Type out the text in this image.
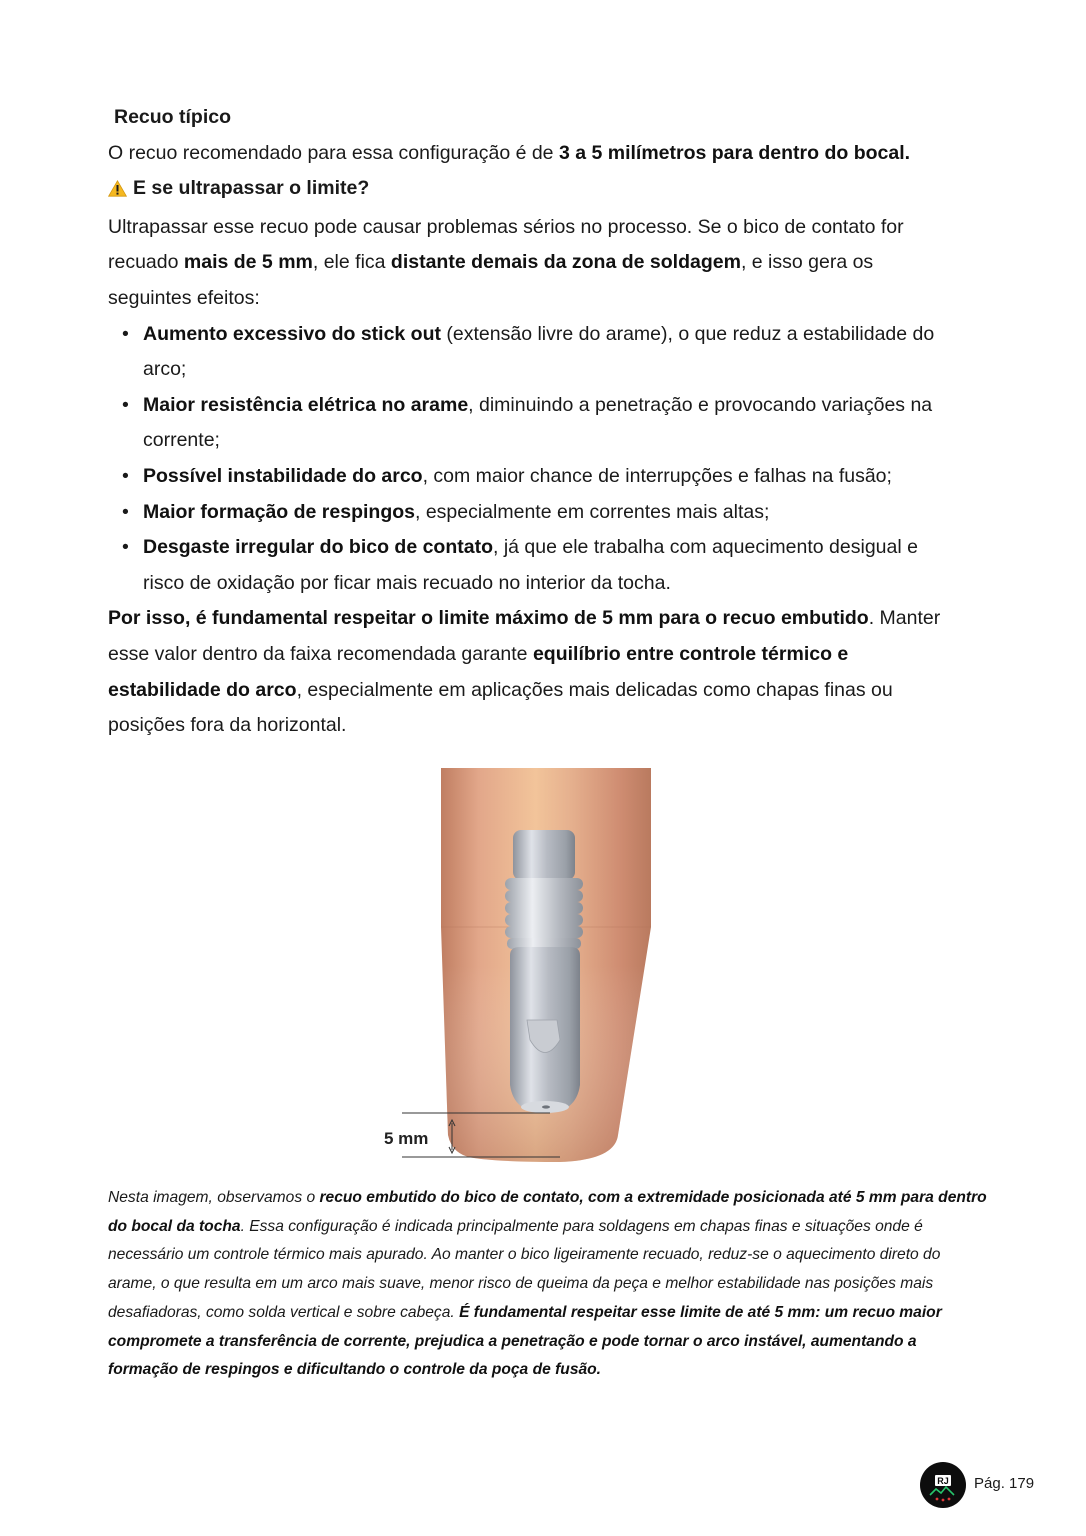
Recuo típico

O recuo recomendado para essa configuração é de 3 a 5 milímetros para dentro do bocal.

E se ultrapassar o limite?

Ultrapassar esse recuo pode causar problemas sérios no processo. Se o bico de contato for

recuado mais de 5 mm, ele fica distante demais da zona de soldagem, e isso gera os

seguintes efeitos:

• Aumento excessivo do stick out (extensão livre do arame), o que reduz a estabilidade do
arco;
• Maior resistência elétrica no arame, diminuindo a penetração e provocando variações na
corrente;
• Possível instabilidade do arco, com maior chance de interrupções e falhas na fusão;
• Maior formação de respingos, especialmente em correntes mais altas;
• Desgaste irregular do bico de contato, já que ele trabalha com aquecimento desigual e
risco de oxidação por ficar mais recuado no interior da tocha.

Por isso, é fundamental respeitar o limite máximo de 5 mm para o recuo embutido. Manter

esse valor dentro da faixa recomendada garante equilíbrio entre controle térmico e

estabilidade do arco, especialmente em aplicações mais delicadas como chapas finas ou

posições fora da horizontal.

5 mm
Nesta imagem, observamos o recuo embutido do bico de contato, com a extremidade posicionada até 5 mm para dentro do bocal da tocha. Essa configuração é indicada principalmente para soldagens em chapas finas e situações onde é necessário um controle térmico mais apurado. Ao manter o bico ligeiramente recuado, reduz-se o aquecimento direto do arame, o que resulta em um arco mais suave, menor risco de queima da peça e melhor estabilidade nas posições mais desafiadoras, como solda vertical e sobre cabeça. É fundamental respeitar esse limite de até 5 mm: um recuo maior compromete a transferência de corrente, prejudica a penetração e pode tornar o arco instável, aumentando a formação de respingos e dificultando o controle da poça de fusão.
RJ Pág. 179
